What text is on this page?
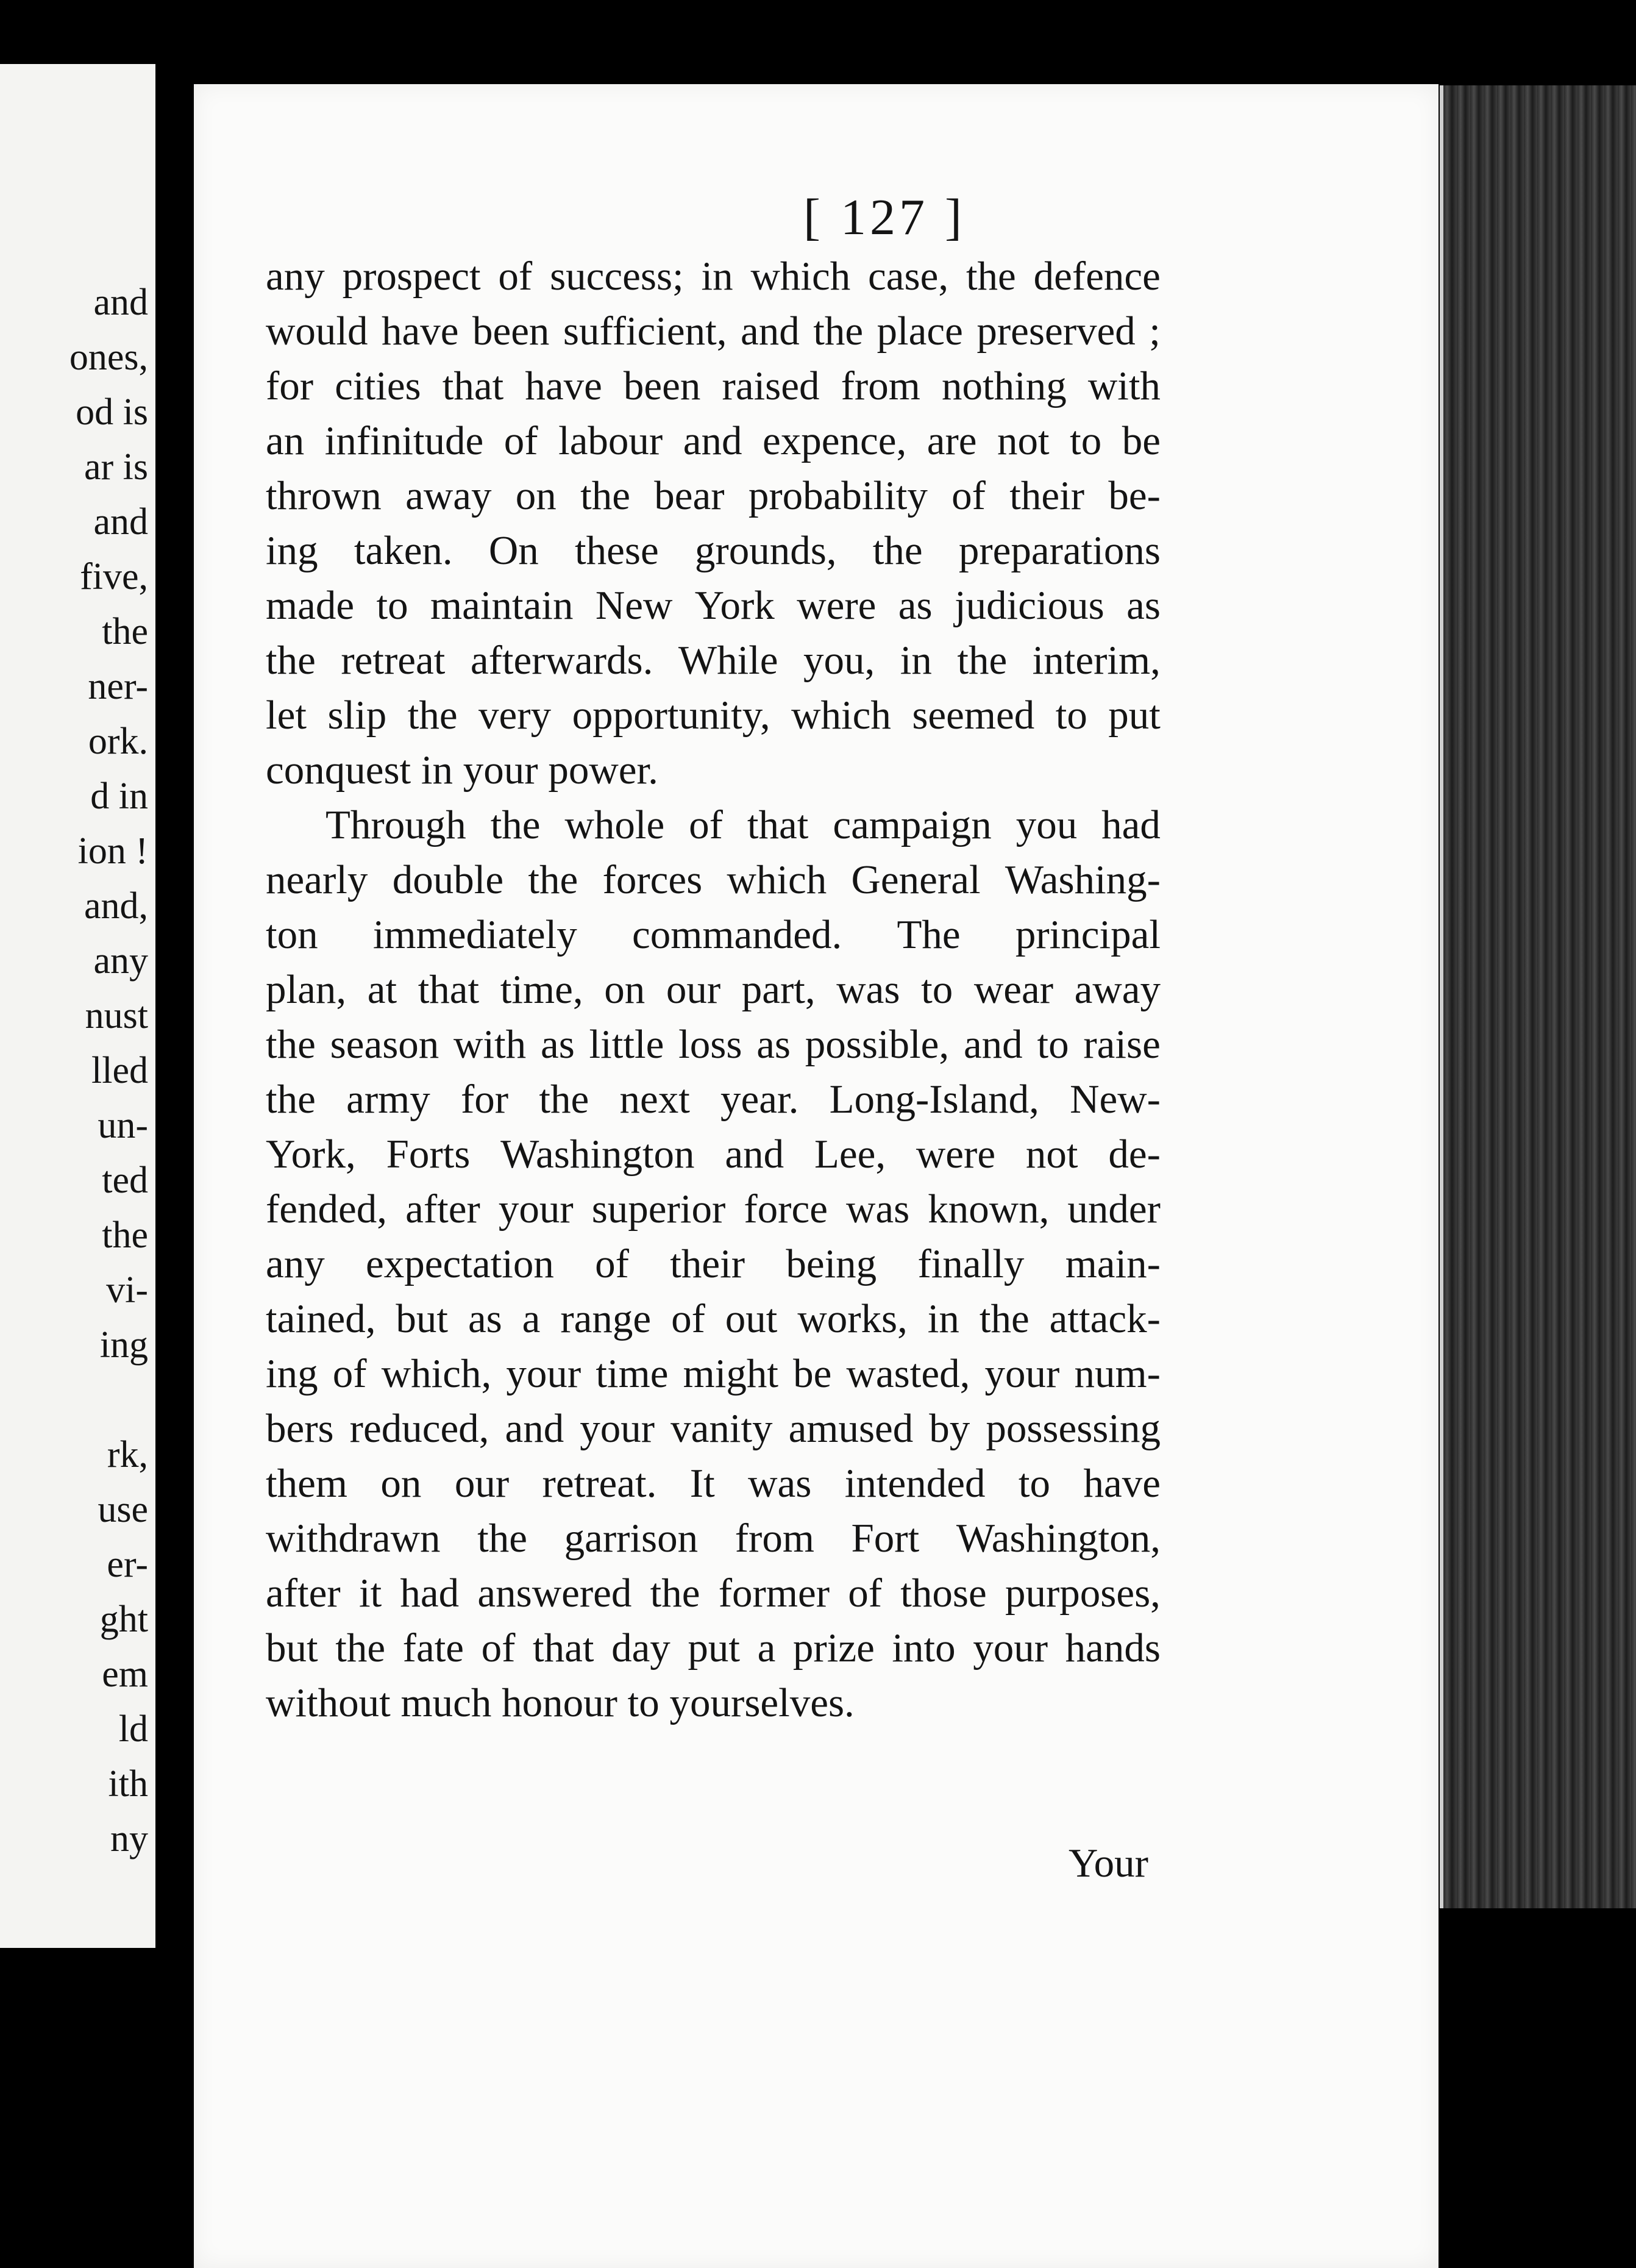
and
ones,
od is
ar is
and
five,
the
ner-
ork.
d in
ion !
and,
any
nust
lled
un-
ted
the
vi-
ing
rk,
use
er-
ght
em
ld
ith
ny
[ 127 ]
any prospect of success; in which case, the defence
would have been sufficient, and the place preserved ;
for cities that have been raised from nothing with
an infinitude of labour and expence, are not to be
thrown away on the bear probability of their be-
ing taken. On these grounds, the preparations
made to maintain New York were as judicious as
the retreat afterwards. While you, in the interim,
let slip the very opportunity, which seemed to put
conquest in your power.
Through the whole of that campaign you had
nearly double the forces which General Washing-
ton immediately commanded. The principal
plan, at that time, on our part, was to wear away
the season with as little loss as possible, and to raise
the army for the next year. Long-Island, New-
York, Forts Washington and Lee, were not de-
fended, after your superior force was known, under
any expectation of their being finally main-
tained, but as a range of out works, in the attack-
ing of which, your time might be wasted, your num-
bers reduced, and your vanity amused by possessing
them on our retreat. It was intended to have
withdrawn the garrison from Fort Washington,
after it had answered the former of those purposes,
but the fate of that day put a prize into your hands
without much honour to yourselves.
Your
